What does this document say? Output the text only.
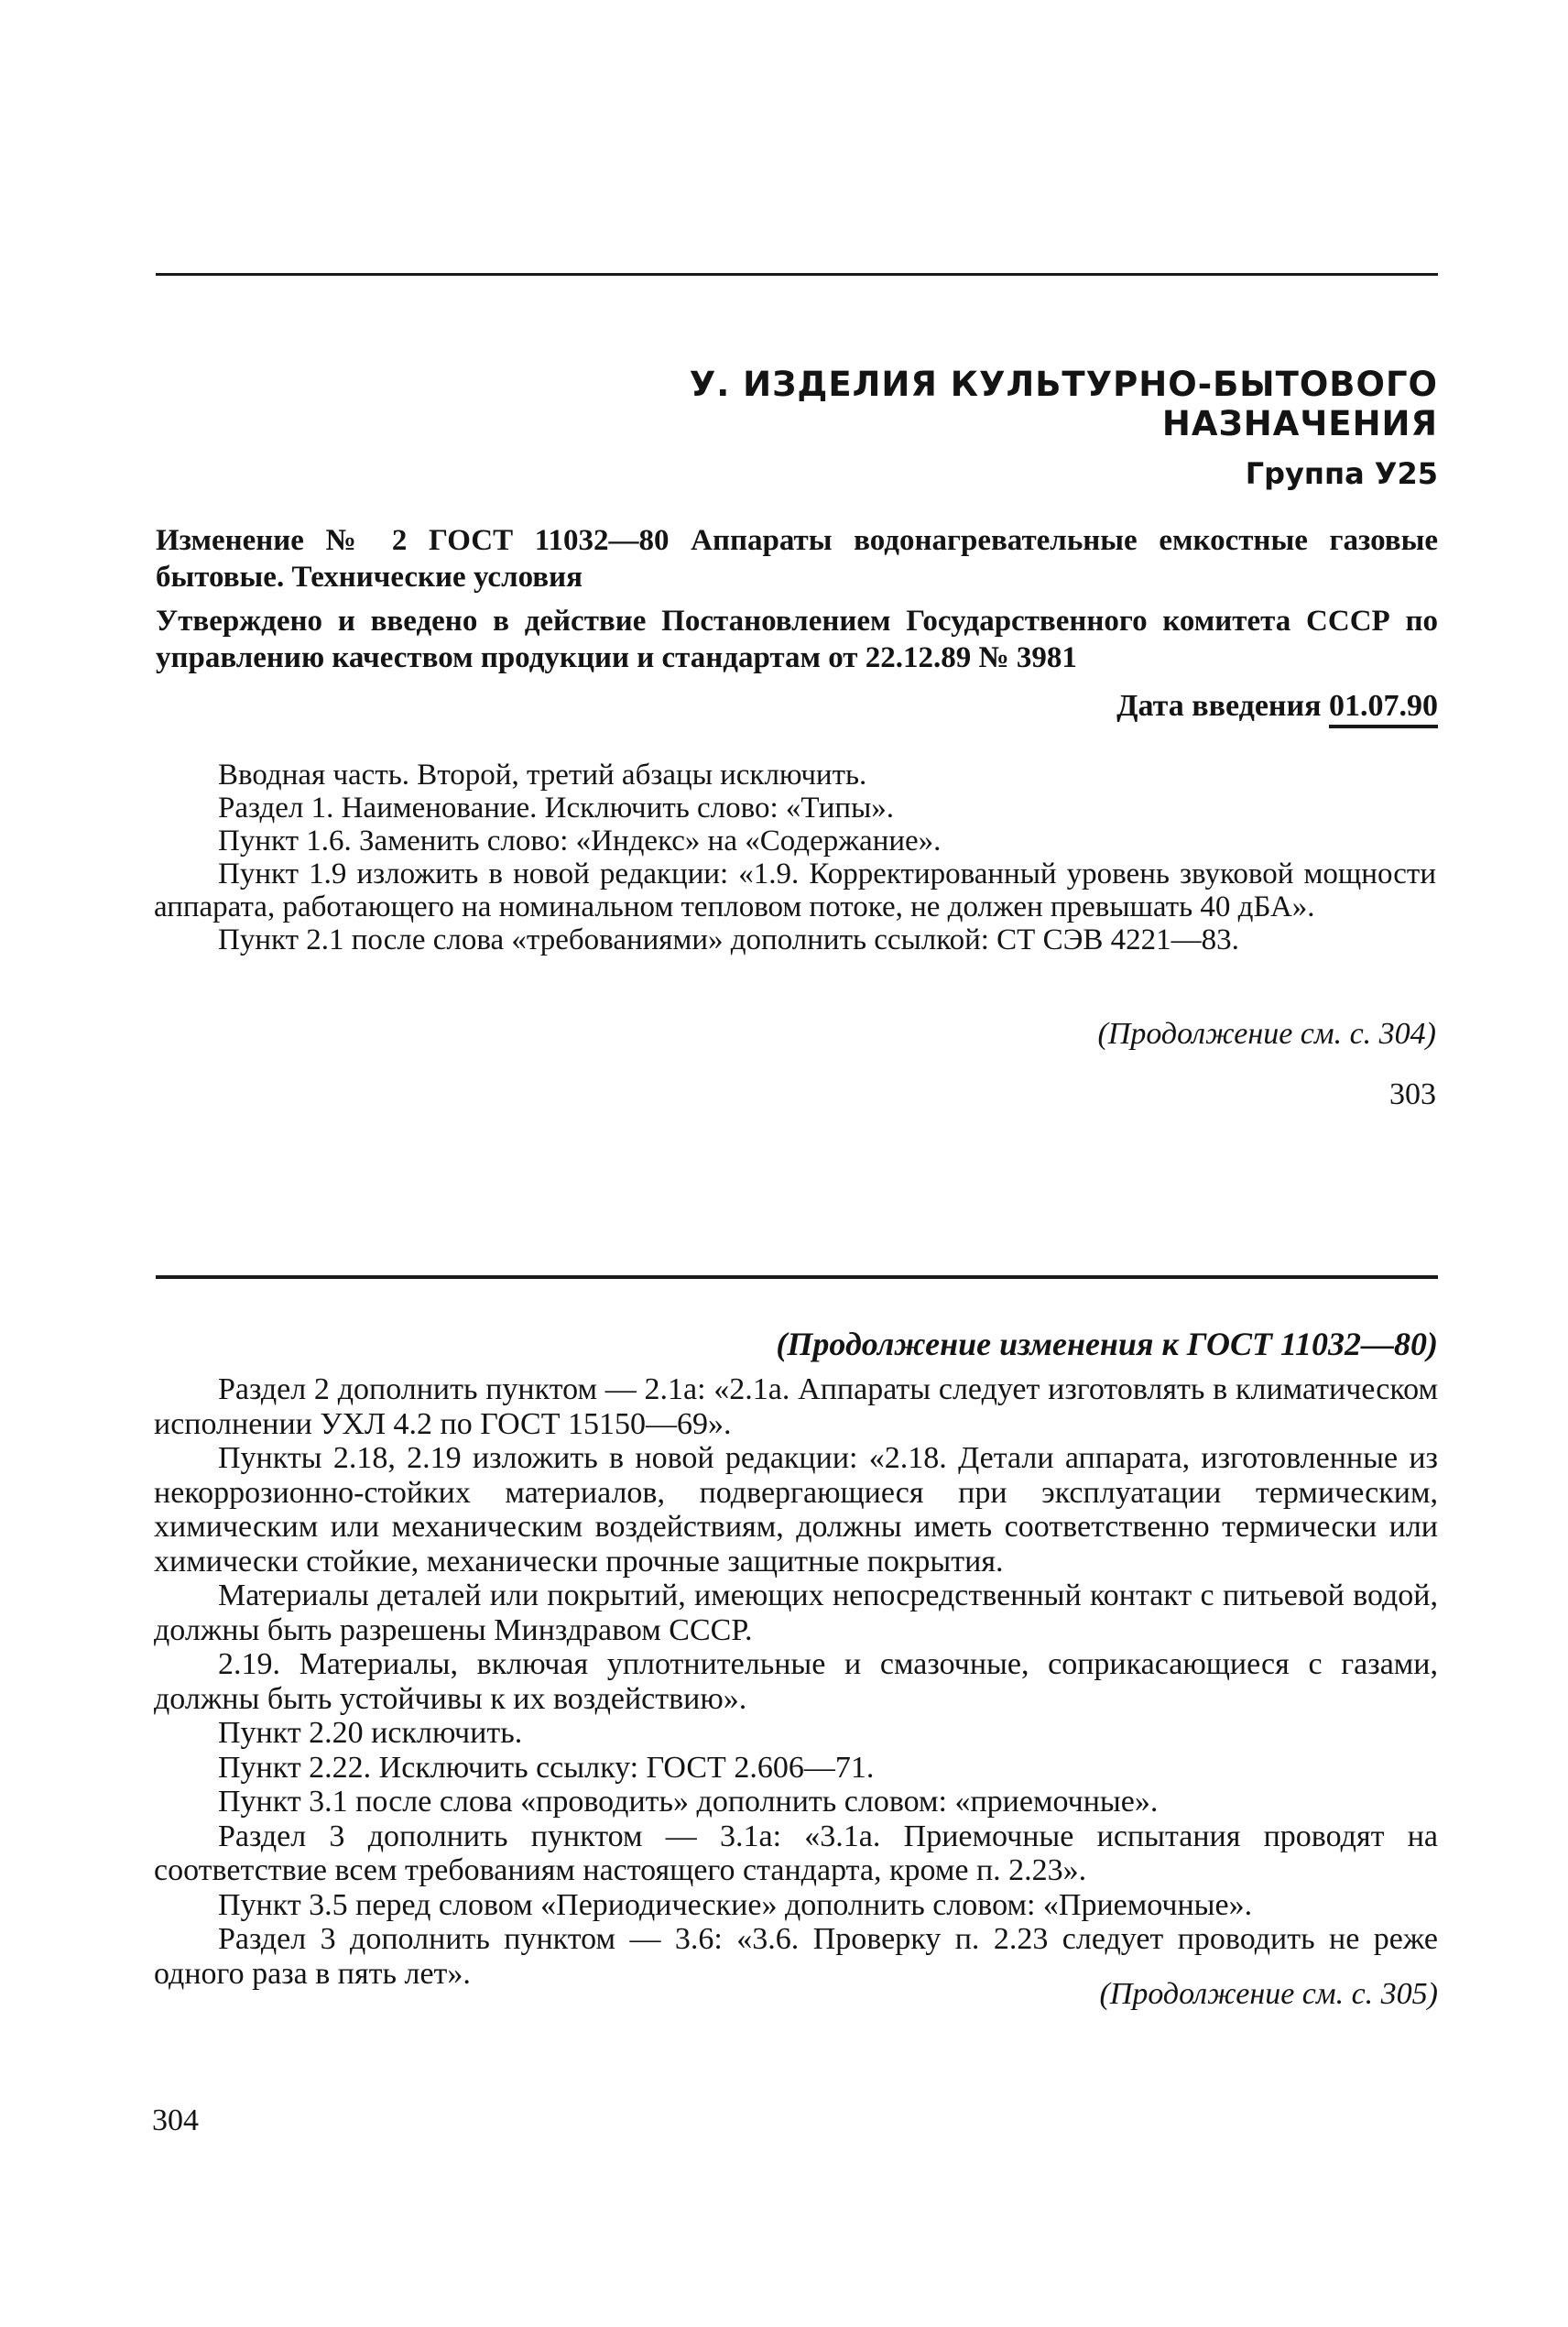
У. ИЗДЕЛИЯ КУЛЬТУРНО-БЫТОВОГО НАЗНАЧЕНИЯ
Группа У25
Изменение № 2 ГОСТ 11032—80 Аппараты водонагревательные емкостные газовые бытовые. Технические условия
Утверждено и введено в действие Постановлением Государственного комитета СССР по управлению качеством продукции и стандартам от 22.12.89 № 3981
Дата введения 01.07.90

Вводная часть. Второй, третий абзацы исключить.

Раздел 1. Наименование. Исключить слово: «Типы».

Пункт 1.6. Заменить слово: «Индекс» на «Содержание».

Пункт 1.9 изложить в новой редакции: «1.9. Корректированный уровень звуковой мощности аппарата, работающего на номинальном тепловом потоке, не должен превышать 40 дБА».

Пункт 2.1 после слова «требованиями» дополнить ссылкой: СТ СЭВ 4221—83.

(Продолжение см. с. 304)
303
(Продолжение изменения к ГОСТ 11032—80)

Раздел 2 дополнить пунктом — 2.1а: «2.1а. Аппараты следует изготовлять в климатическом исполнении УХЛ 4.2 по ГОСТ 15150—69».

Пункты 2.18, 2.19 изложить в новой редакции: «2.18. Детали аппарата, изготовленные из некоррозионно-стойких материалов, подвергающиеся при эксплуатации термическим, химическим или механическим воздействиям, должны иметь соответственно термически или химически стойкие, механически прочные защитные покрытия.

Материалы деталей или покрытий, имеющих непосредственный контакт с питьевой водой, должны быть разрешены Минздравом СССР.

2.19. Материалы, включая уплотнительные и смазочные, соприкасающиеся с газами, должны быть устойчивы к их воздействию».

Пункт 2.20 исключить.

Пункт 2.22. Исключить ссылку: ГОСТ 2.606—71.

Пункт 3.1 после слова «проводить» дополнить словом: «приемочные».

Раздел 3 дополнить пунктом — 3.1а: «3.1а. Приемочные испытания проводят на соответствие всем требованиям настоящего стандарта, кроме п. 2.23».

Пункт 3.5 перед словом «Периодические» дополнить словом: «Приемочные».

Раздел 3 дополнить пунктом — 3.6: «3.6. Проверку п. 2.23 следует проводить не реже одного раза в пять лет».

(Продолжение см. с. 305)
304
